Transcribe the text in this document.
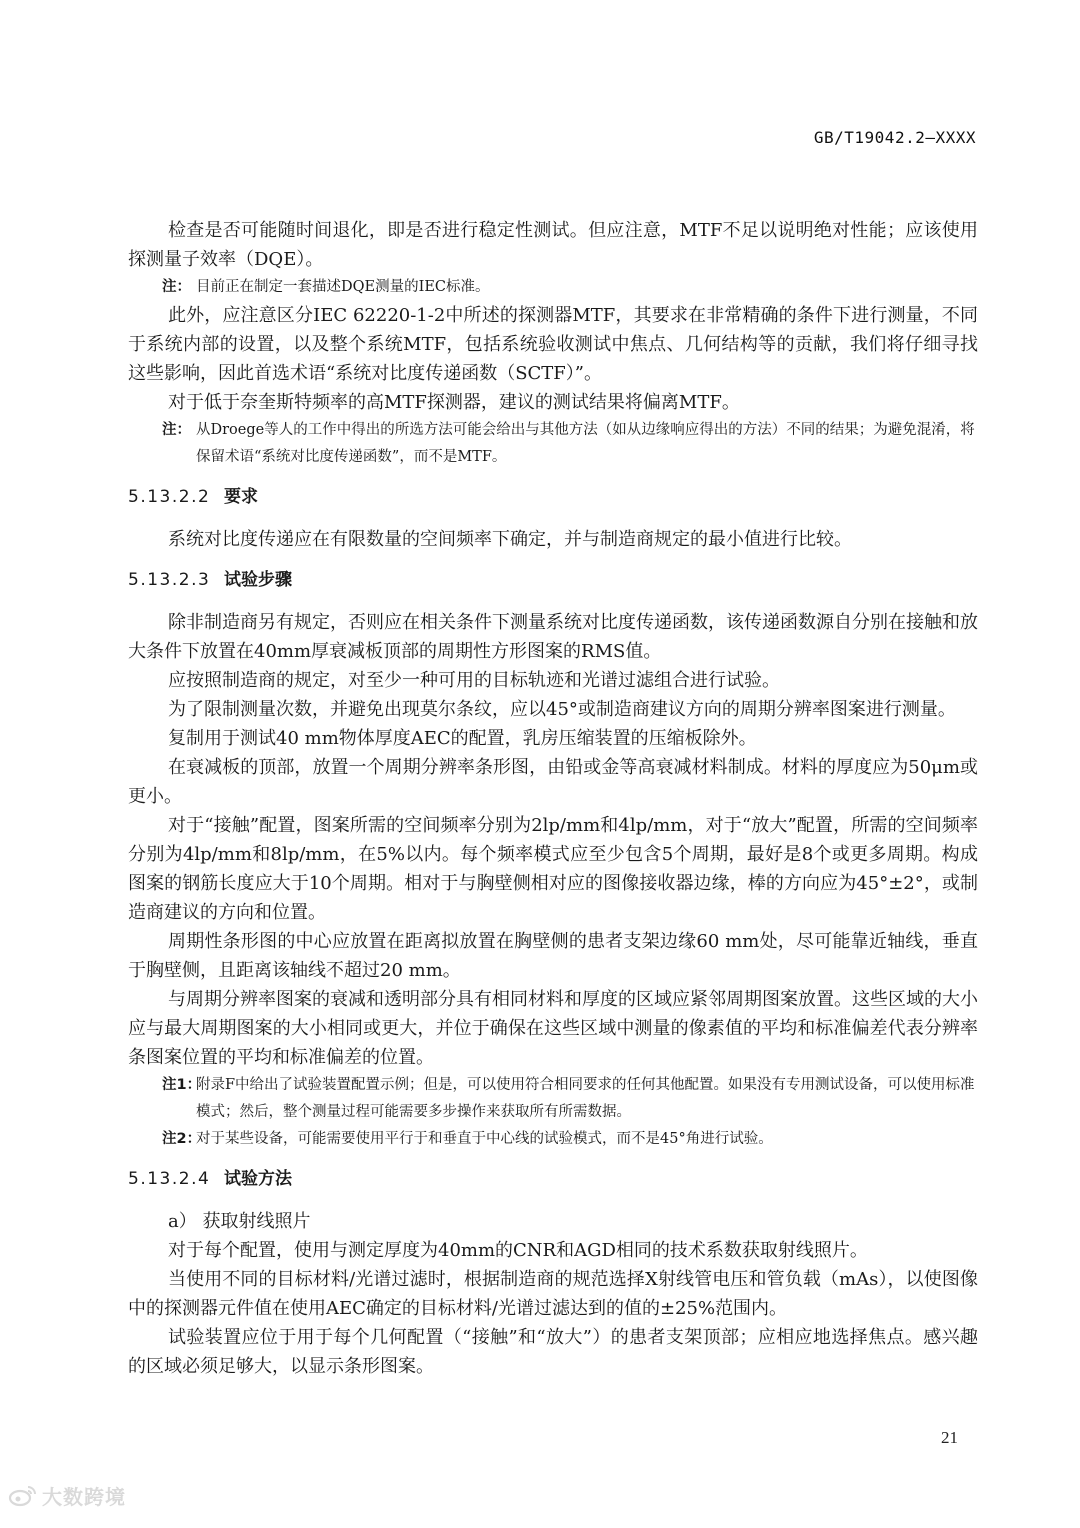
GB/T19042.2—XXXX

检查是否可能随时间退化，即是否进行稳定性测试。但应注意，MTF不足以说明绝对性能；应该使用探测量子效率（DQE）。

注： 目前正在制定一套描述DQE测量的IEC标准。

此外，应注意区分IEC 62220-1-2中所述的探测器MTF，其要求在非常精确的条件下进行测量，不同于系统内部的设置，以及整个系统MTF，包括系统验收测试中焦点、几何结构等的贡献，我们将仔细寻找这些影响，因此首选术语“系统对比度传递函数（SCTF）”。

对于低于奈奎斯特频率的高MTF探测器，建议的测试结果将偏离MTF。

注： 从Droege等人的工作中得出的所选方法可能会给出与其他方法（如从边缘响应得出的方法）不同的结果；为避免混淆，将保留术语“系统对比度传递函数”，而不是MTF。
5.13.2.2 要求

系统对比度传递应在有限数量的空间频率下确定，并与制造商规定的最小值进行比较。

5.13.2.3 试验步骤

除非制造商另有规定，否则应在相关条件下测量系统对比度传递函数，该传递函数源自分别在接触和放大条件下放置在40mm厚衰减板顶部的周期性方形图案的RMS值。

应按照制造商的规定，对至少一种可用的目标轨迹和光谱过滤组合进行试验。

为了限制测量次数，并避免出现莫尔条纹，应以45°或制造商建议方向的周期分辨率图案进行测量。

复制用于测试40 mm物体厚度AEC的配置，乳房压缩装置的压缩板除外。

在衰减板的顶部，放置一个周期分辨率条形图，由铅或金等高衰减材料制成。材料的厚度应为50μm或更小。

对于“接触”配置，图案所需的空间频率分别为2lp/mm和4lp/mm，对于“放大”配置，所需的空间频率分别为4lp/mm和8lp/mm，在5%以内。每个频率模式应至少包含5个周期，最好是8个或更多周期。构成图案的钢筋长度应大于10个周期。相对于与胸壁侧相对应的图像接收器边缘，棒的方向应为45°±2°，或制造商建议的方向和位置。

周期性条形图的中心应放置在距离拟放置在胸壁侧的患者支架边缘60 mm处，尽可能靠近轴线，垂直于胸壁侧，且距离该轴线不超过20 mm。

与周期分辨率图案的衰减和透明部分具有相同材料和厚度的区域应紧邻周期图案放置。这些区域的大小应与最大周期图案的大小相同或更大，并位于确保在这些区域中测量的像素值的平均和标准偏差代表分辨率条图案位置的平均和标准偏差的位置。

注1：
附录F中给出了试验装置配置示例；但是，可以使用符合相同要求的任何其他配置。如果没有专用测试设备，可以使用标准模式；然后，整个测量过程可能需要多步操作来获取所有所需数据。
注2：
对于某些设备，可能需要使用平行于和垂直于中心线的试验模式，而不是45°角进行试验。
5.13.2.4 试验方法

a） 获取射线照片

对于每个配置，使用与测定厚度为40mm的CNR和AGD相同的技术系数获取射线照片。

当使用不同的目标材料/光谱过滤时，根据制造商的规范选择X射线管电压和管负载（mAs），以使图像中的探测器元件值在使用AEC确定的目标材料/光谱过滤达到的值的±25%范围内。

试验装置应位于用于每个几何配置（“接触”和“放大”）的患者支架顶部；应相应地选择焦点。感兴趣的区域必须足够大，以显示条形图案。

21
大数跨境
